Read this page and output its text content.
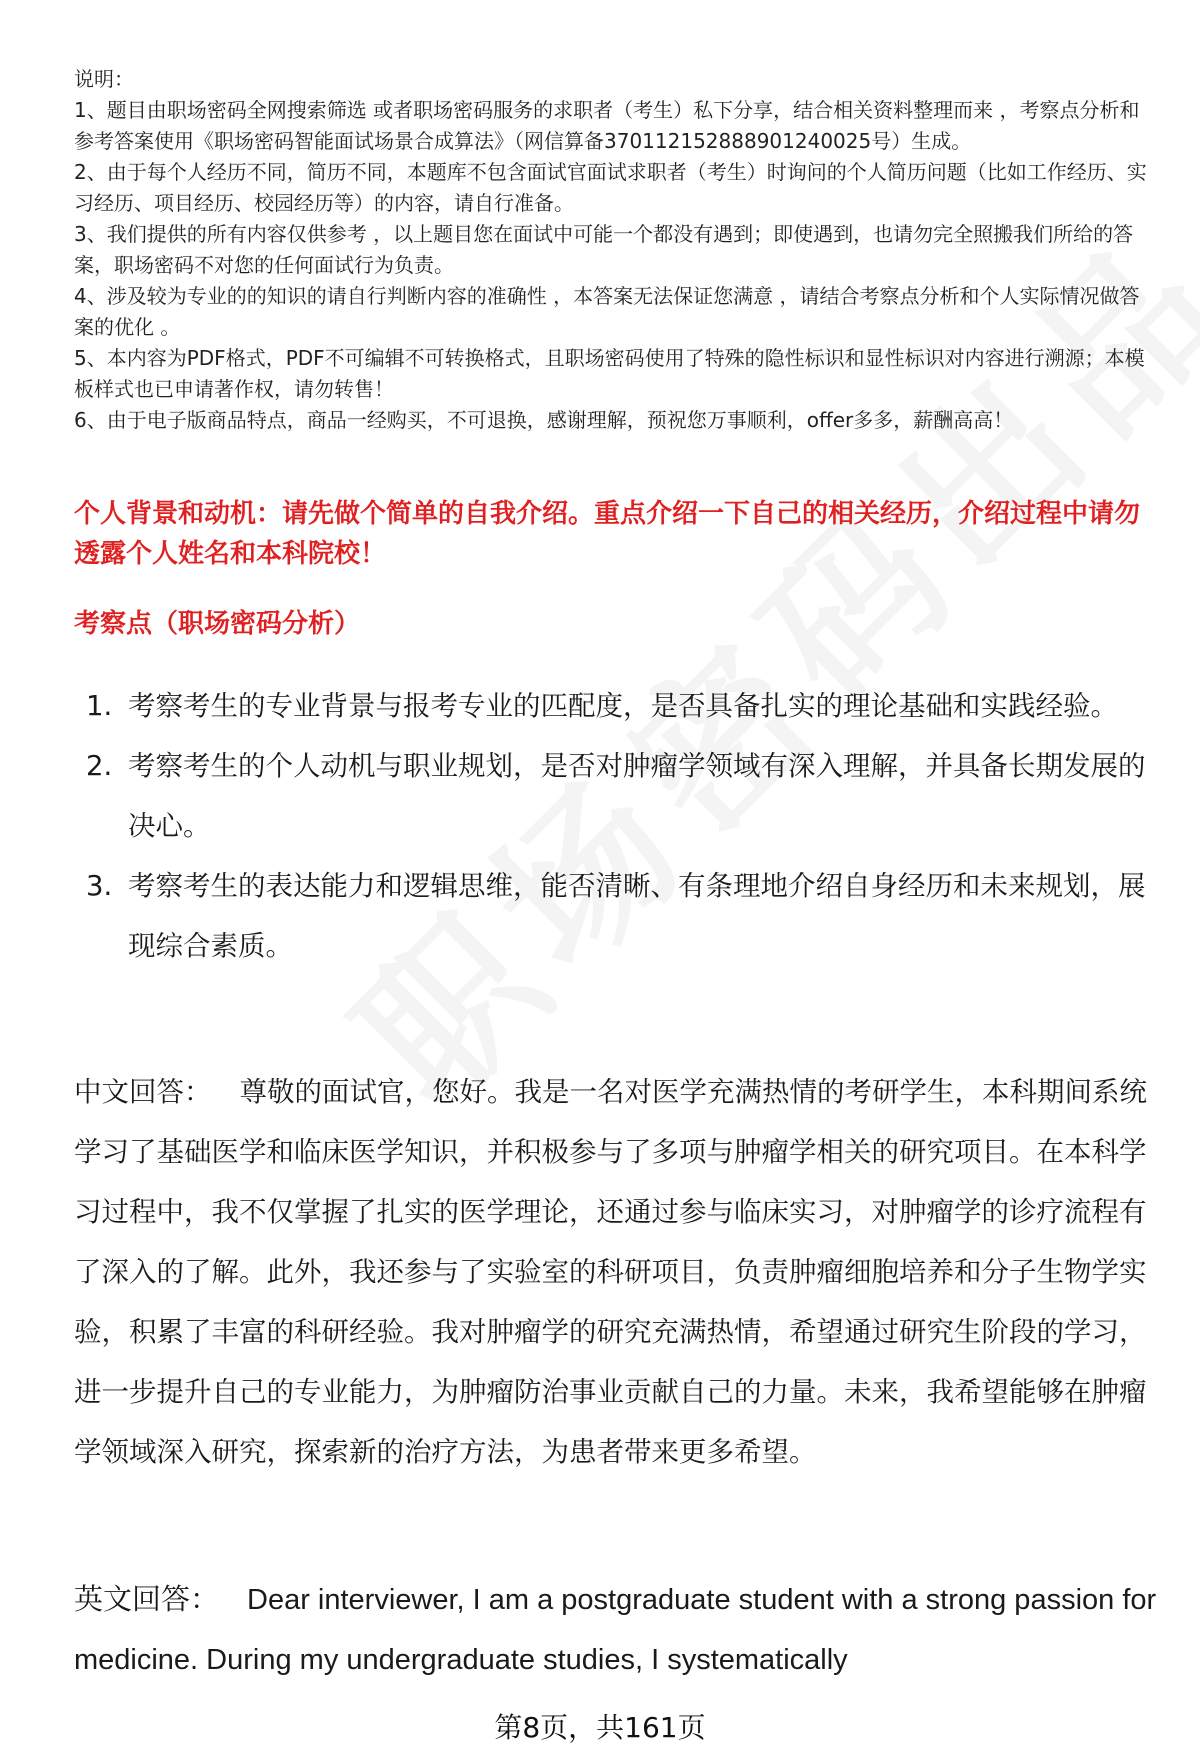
说明：

1、题目由职场密码全网搜索筛选 或者职场密码服务的求职者（考生）私下分享，结合相关资料整理而来 ，考察点分析和参考答案使用《职场密码智能面试场景合成算法》（网信算备370112152888901240025号）生成。

2、由于每个人经历不同，简历不同，本题库不包含面试官面试求职者（考生）时询问的个人简历问题（比如工作经历、实习经历、项目经历、校园经历等）的内容，请自行准备。

3、我们提供的所有内容仅供参考 ，以上题目您在面试中可能一个都没有遇到；即使遇到，也请勿完全照搬我们所给的答案，职场密码不对您的任何面试行为负责。

4、涉及较为专业的的知识的请自行判断内容的准确性 ，本答案无法保证您满意 ，请结合考察点分析和个人实际情况做答案的优化 。

5、本内容为PDF格式，PDF不可编辑不可转换格式，且职场密码使用了特殊的隐性标识和显性标识对内容进行溯源；本模板样式也已申请著作权，请勿转售！

6、由于电子版商品特点，商品一经购买，不可退换，感谢理解，预祝您万事顺利，offer多多，薪酬高高！

个人背景和动机：请先做个简单的自我介绍。重点介绍一下自己的相关经历，介绍过程中请勿透露个人姓名和本科院校！
考察点（职场密码分析）
1. 考察考生的专业背景与报考专业的匹配度，是否具备扎实的理论基础和实践经验。
2. 考察考生的个人动机与职业规划，是否对肿瘤学领域有深入理解，并具备长期发展的决心。
3. 考察考生的表达能力和逻辑思维，能否清晰、有条理地介绍自身经历和未来规划，展现综合素质。
中文回答： 尊敬的面试官，您好。我是一名对医学充满热情的考研学生，本科期间系统学习了基础医学和临床医学知识，并积极参与了多项与肿瘤学相关的研究项目。在本科学习过程中，我不仅掌握了扎实的医学理论，还通过参与临床实习，对肿瘤学的诊疗流程有了深入的了解。此外，我还参与了实验室的科研项目，负责肿瘤细胞培养和分子生物学实验，积累了丰富的科研经验。我对肿瘤学的研究充满热情，希望通过研究生阶段的学习，进一步提升自己的专业能力，为肿瘤防治事业贡献自己的力量。未来，我希望能够在肿瘤学领域深入研究，探索新的治疗方法，为患者带来更多希望。
英文回答： Dear interviewer, I am a postgraduate student with a strong passion for medicine. During my undergraduate studies, I systematically
第8页，共161页
